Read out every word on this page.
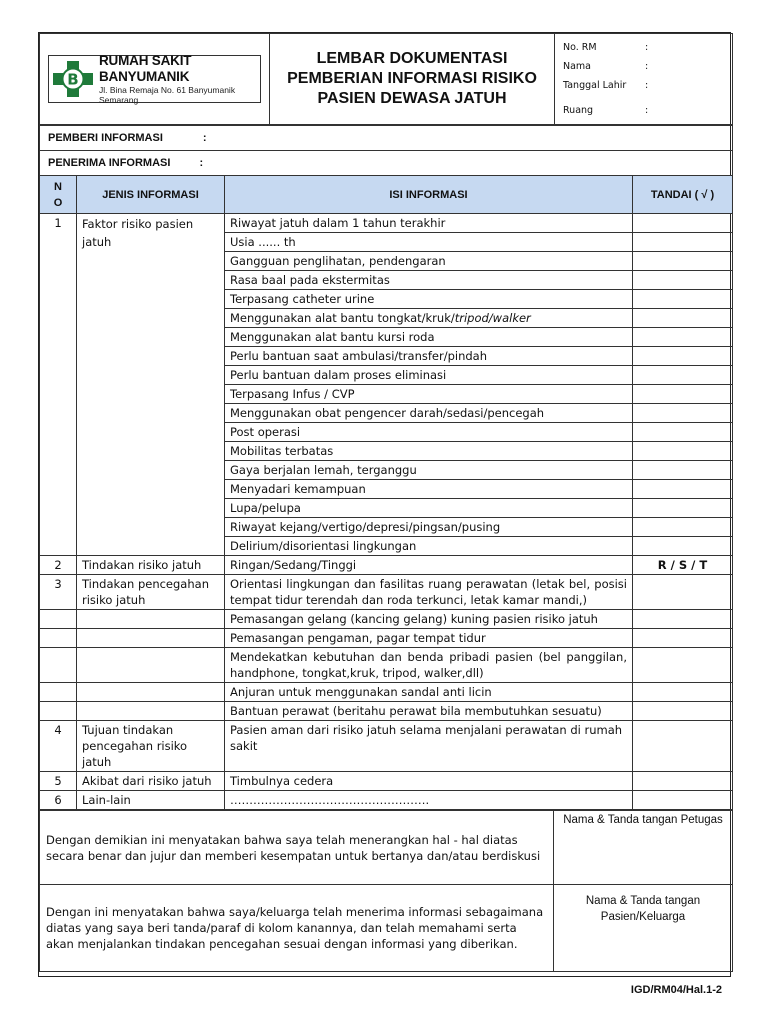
B
RUMAH SAKIT BANYUMANIK
Jl. Bina Remaja No. 61 Banyumanik
Semarang

LEMBAR DOKUMENTASI
PEMBERIAN INFORMASI RISIKO
PASIEN DEWASA JATUH

No. RM	:
Nama	:
Tanggal Lahir	:
Ruang	:
PEMBERI INFORMASI :			
PENERIMA INFORMASI :			
N O	JENIS INFORMASI	ISI INFORMASI	TANDAI ( √ )
1	Faktor risiko pasien jatuh	Riwayat jatuh dalam 1 tahun terakhir	
		Usia ...... th	
		Gangguan penglihatan, pendengaran	
		Rasa baal pada ekstermitas	
		Terpasang catheter urine	
		Menggunakan alat bantu tongkat/kruk/tripod/walker	
		Menggunakan alat bantu kursi roda	
		Perlu bantuan saat ambulasi/transfer/pindah	
		Perlu bantuan dalam proses eliminasi	
		Terpasang Infus / CVP	
		Menggunakan obat pengencer darah/sedasi/pencegah	
		Post operasi	
		Mobilitas terbatas	
		Gaya berjalan lemah, terganggu	
		Menyadari kemampuan	
		Lupa/pelupa	
		Riwayat kejang/vertigo/depresi/pingsan/pusing	
		Delirium/disorientasi lingkungan	
2	Tindakan risiko jatuh	Ringan/Sedang/Tinggi	R / S / T
3	Tindakan pencegahan risiko jatuh	Orientasi lingkungan dan fasilitas ruang perawatan (letak bel, posisi tempat tidur terendah dan roda terkunci, letak kamar mandi,)	
		Pemasangan gelang (kancing gelang) kuning pasien risiko jatuh	
		Pemasangan pengaman, pagar tempat tidur	
		Mendekatkan kebutuhan dan benda pribadi pasien (bel panggilan, handphone, tongkat,kruk, tripod, walker,dll)	
		Anjuran untuk menggunakan sandal anti licin	
		Bantuan perawat (beritahu perawat bila membutuhkan sesuatu)	
4	Tujuan tindakan pencegahan risiko jatuh	Pasien aman dari risiko jatuh selama menjalani perawatan di rumah sakit	
5	Akibat dari risiko jatuh	Timbulnya cedera	
6	Lain-lain	…………………………………………….	
Dengan demikian ini menyatakan bahwa saya telah menerangkan hal - hal diatas secara benar dan jujur dan memberi kesempatan untuk bertanya dan/atau berdiskusi	Nama & Tanda tangan Petugas
Dengan ini menyatakan bahwa saya/keluarga telah menerima informasi sebagaimana diatas yang saya beri tanda/paraf di kolom kanannya, dan telah memahami serta akan menjalankan tindakan pencegahan sesuai dengan informasi yang diberikan.	Nama & Tanda tangan
Pasien/Keluarga
IGD/RM04/Hal.1-2
